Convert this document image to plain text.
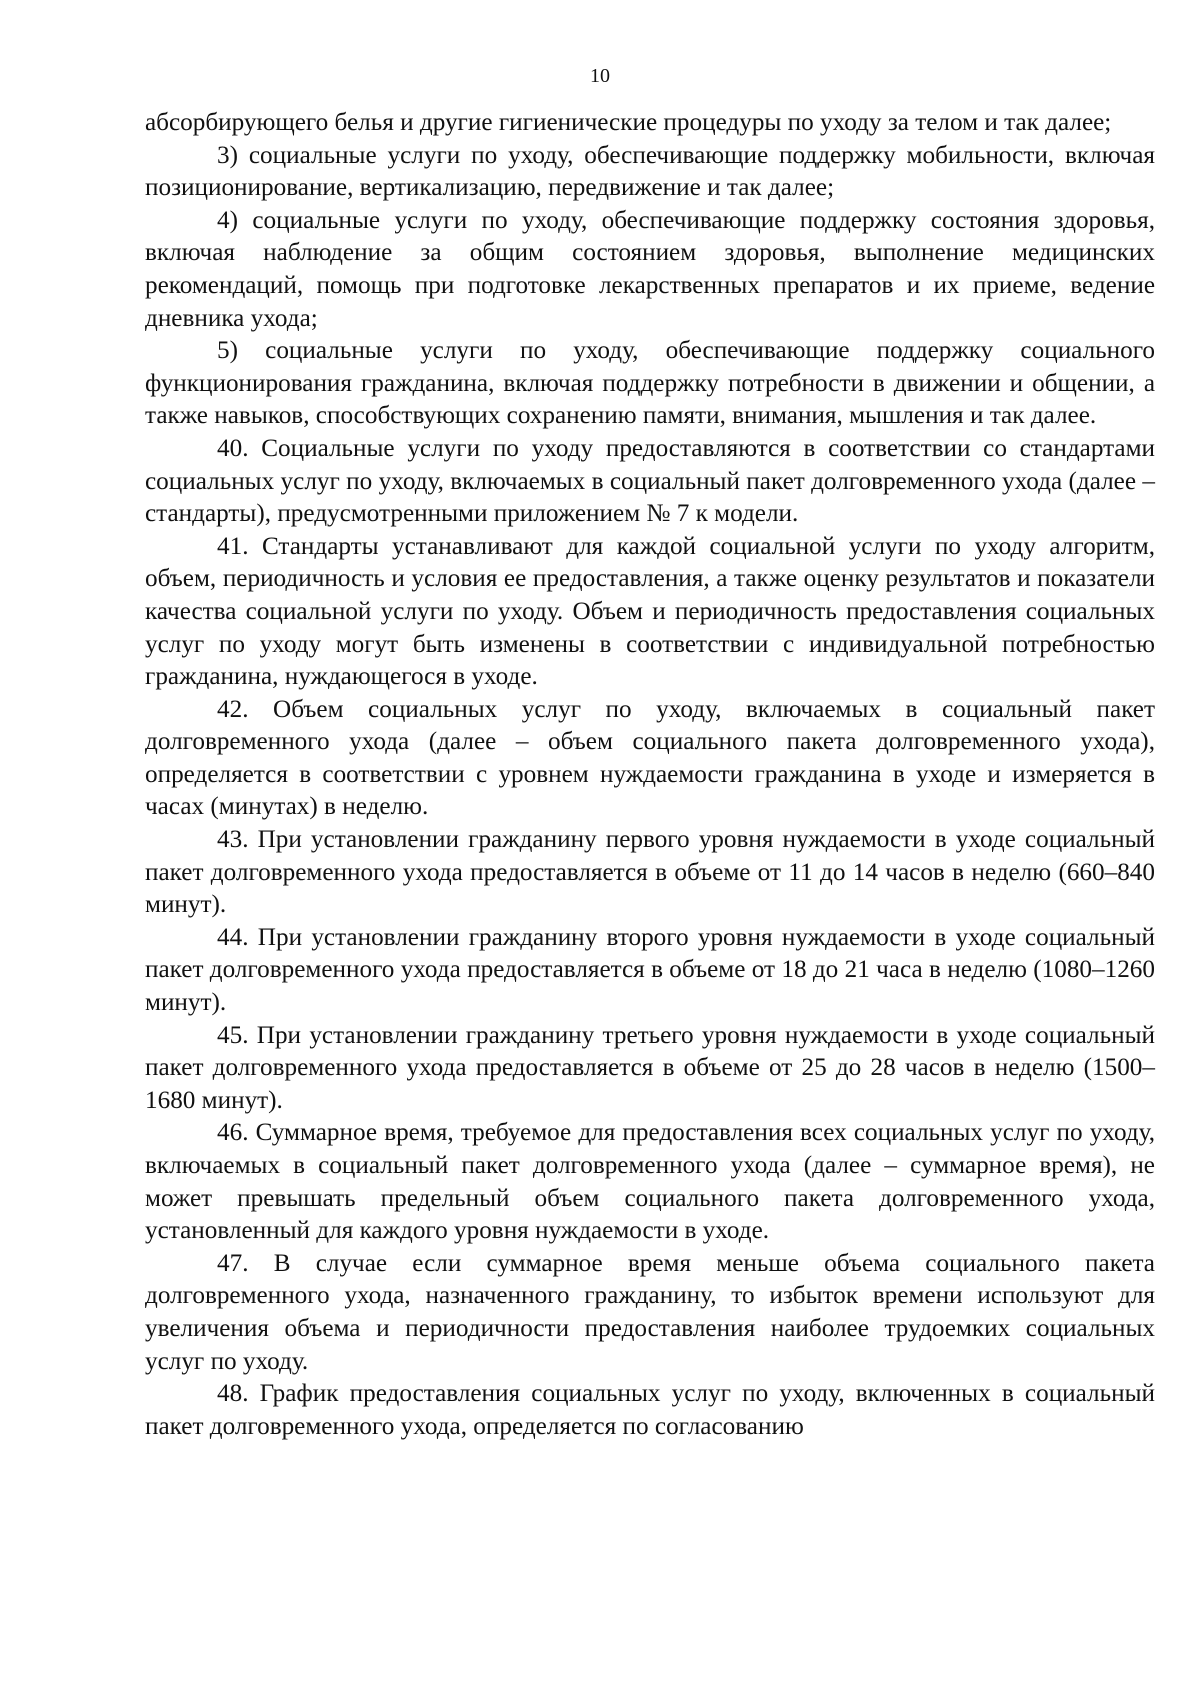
10

абсорбирующего белья и другие гигиенические процедуры по уходу за телом и так далее;

3) социальные услуги по уходу, обеспечивающие поддержку мобильности, включая позиционирование, вертикализацию, передвижение и так далее;

4) социальные услуги по уходу, обеспечивающие поддержку состояния здоровья, включая наблюдение за общим состоянием здоровья, выполнение медицинских рекомендаций, помощь при подготовке лекарственных препаратов и их приеме, ведение дневника ухода;

5) социальные услуги по уходу, обеспечивающие поддержку социального функционирования гражданина, включая поддержку потребности в движении и общении, а также навыков, способствующих сохранению памяти, внимания, мышления и так далее.

40. Социальные услуги по уходу предоставляются в соответствии со стандартами социальных услуг по уходу, включаемых в социальный пакет долговременного ухода (далее – стандарты), предусмотренными приложением № 7 к модели.

41. Стандарты устанавливают для каждой социальной услуги по уходу алгоритм, объем, периодичность и условия ее предоставления, а также оценку результатов и показатели качества социальной услуги по уходу. Объем и периодичность предоставления социальных услуг по уходу могут быть изменены в соответствии с индивидуальной потребностью гражданина, нуждающегося в уходе.

42. Объем социальных услуг по уходу, включаемых в социальный пакет долговременного ухода (далее – объем социального пакета долговременного ухода), определяется в соответствии с уровнем нуждаемости гражданина в уходе и измеряется в часах (минутах) в неделю.

43. При установлении гражданину первого уровня нуждаемости в уходе социальный пакет долговременного ухода предоставляется в объеме от 11 до 14 часов в неделю (660–840 минут).

44. При установлении гражданину второго уровня нуждаемости в уходе социальный пакет долговременного ухода предоставляется в объеме от 18 до 21 часа в неделю (1080–1260 минут).

45. При установлении гражданину третьего уровня нуждаемости в уходе социальный пакет долговременного ухода предоставляется в объеме от 25 до 28 часов в неделю (1500–1680 минут).

46. Суммарное время, требуемое для предоставления всех социальных услуг по уходу, включаемых в социальный пакет долговременного ухода (далее – суммарное время), не может превышать предельный объем социального пакета долговременного ухода, установленный для каждого уровня нуждаемости в уходе.

47. В случае если суммарное время меньше объема социального пакета долговременного ухода, назначенного гражданину, то избыток времени используют для увеличения объема и периодичности предоставления наиболее трудоемких социальных услуг по уходу.

48. График предоставления социальных услуг по уходу, включенных в социальный пакет долговременного ухода, определяется по согласованию
